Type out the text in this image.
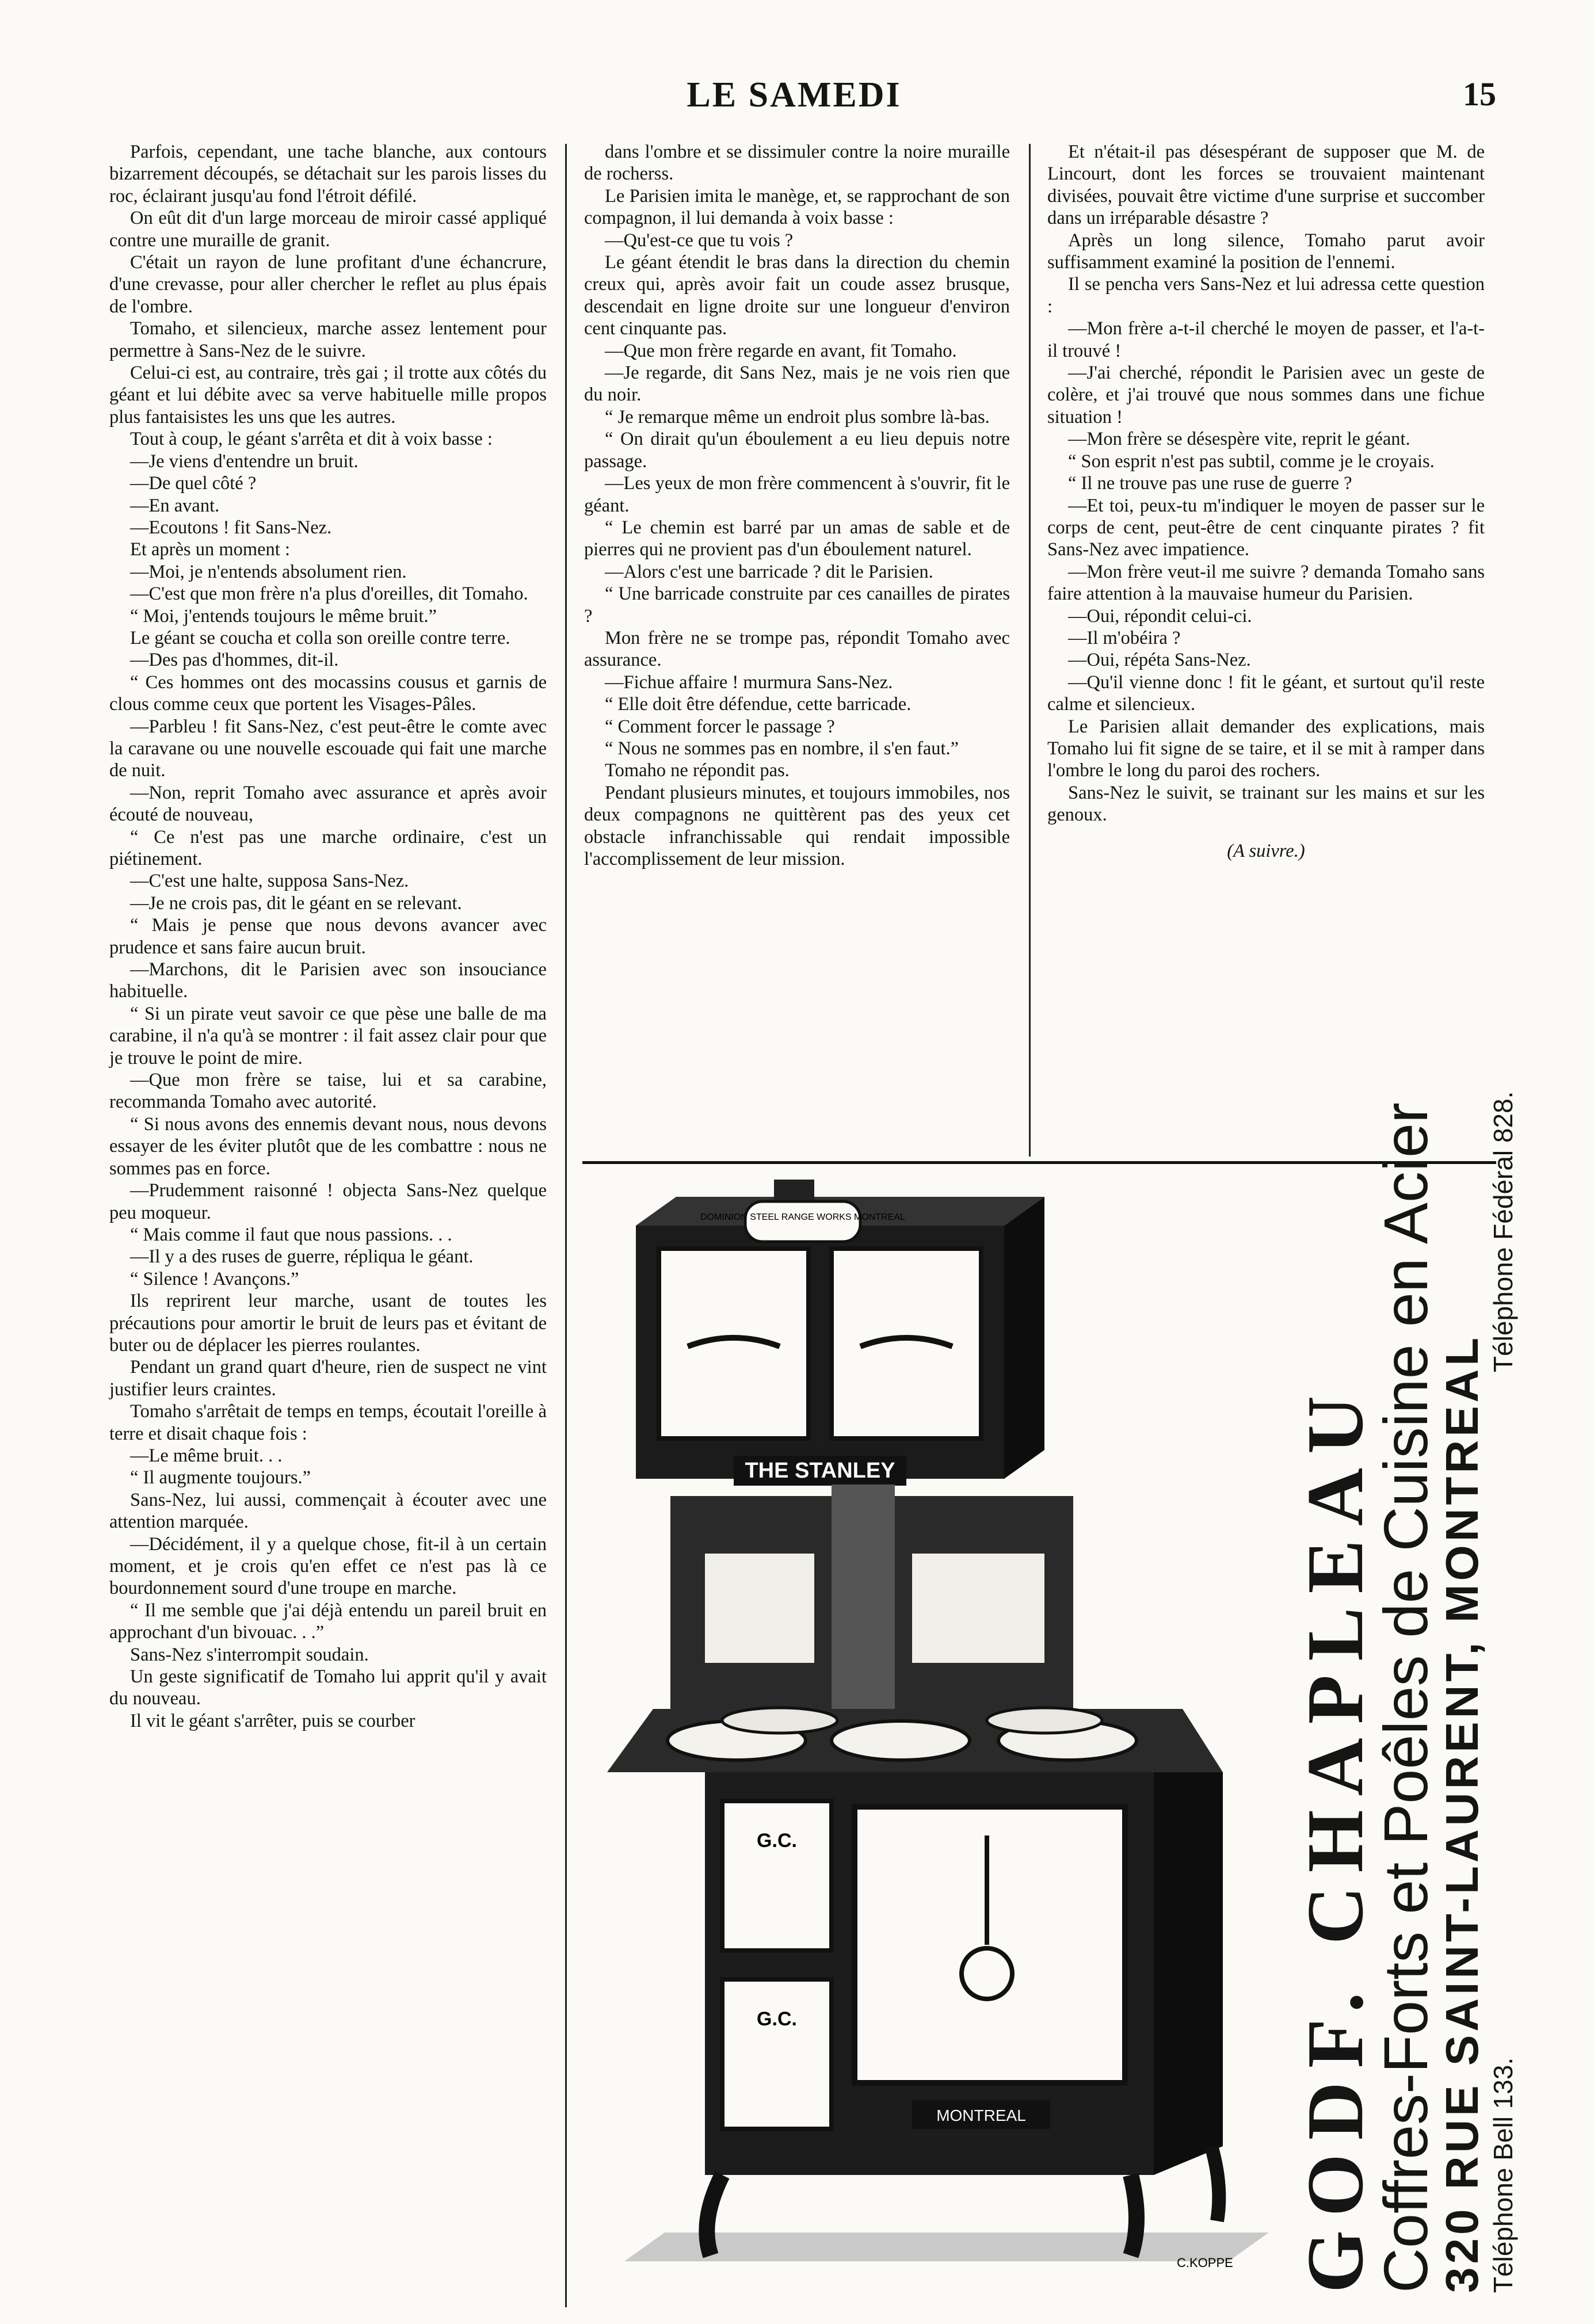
LE SAMEDI	15

Parfois, cependant, une tache blanche, aux contours bizarrement découpés, se détachait sur les parois lisses du roc, éclairant jusqu'au fond l'étroit défilé.

On eût dit d'un large morceau de miroir cassé appliqué contre une muraille de granit.

C'était un rayon de lune profitant d'une échancrure, d'une crevasse, pour aller chercher le reflet au plus épais de l'ombre.

Tomaho, et silencieux, marche assez lentement pour permettre à Sans-Nez de le suivre.

Celui-ci est, au contraire, très gai ; il trotte aux côtés du géant et lui débite avec sa verve habituelle mille propos plus fantaisistes les uns que les autres.

Tout à coup, le géant s'arrêta et dit à voix basse :

—Je viens d'entendre un bruit.

—De quel côté ?

—En avant.

—Ecoutons ! fit Sans-Nez.

Et après un moment :

—Moi, je n'entends absolument rien.

—C'est que mon frère n'a plus d'oreilles, dit Tomaho.

“ Moi, j'entends toujours le même bruit.”

Le géant se coucha et colla son oreille contre terre.

—Des pas d'hommes, dit-il.

“ Ces hommes ont des mocassins cousus et garnis de clous comme ceux que portent les Visages-Pâles.

—Parbleu ! fit Sans-Nez, c'est peut-être le comte avec la caravane ou une nouvelle escouade qui fait une marche de nuit.

—Non, reprit Tomaho avec assurance et après avoir écouté de nouveau,

“ Ce n'est pas une marche ordinaire, c'est un piétinement.

—C'est une halte, supposa Sans-Nez.

—Je ne crois pas, dit le géant en se relevant.

“ Mais je pense que nous devons avancer avec prudence et sans faire aucun bruit.

—Marchons, dit le Parisien avec son insouciance habituelle.

“ Si un pirate veut savoir ce que pèse une balle de ma carabine, il n'a qu'à se montrer : il fait assez clair pour que je trouve le point de mire.

—Que mon frère se taise, lui et sa carabine, recommanda Tomaho avec autorité.

“ Si nous avons des ennemis devant nous, nous devons essayer de les éviter plutôt que de les combattre : nous ne sommes pas en force.

—Prudemment raisonné ! objecta Sans-Nez quelque peu moqueur.

“ Mais comme il faut que nous passions. . .

—Il y a des ruses de guerre, répliqua le géant.

“ Silence ! Avançons.”

Ils reprirent leur marche, usant de toutes les précautions pour amortir le bruit de leurs pas et évitant de buter ou de déplacer les pierres roulantes.

Pendant un grand quart d'heure, rien de suspect ne vint justifier leurs craintes.

Tomaho s'arrêtait de temps en temps, écoutait l'oreille à terre et disait chaque fois :

—Le même bruit. . .

“ Il augmente toujours.”

Sans-Nez, lui aussi, commençait à écouter avec une attention marquée.

—Décidément, il y a quelque chose, fit-il à un certain moment, et je crois qu'en effet ce n'est pas là ce bourdonnement sourd d'une troupe en marche.

“ Il me semble que j'ai déjà entendu un pareil bruit en approchant d'un bivouac. . .”

Sans-Nez s'interrompit soudain.

Un geste significatif de Tomaho lui apprit qu'il y avait du nouveau.

Il vit le géant s'arrêter, puis se courber

dans l'ombre et se dissimuler contre la noire muraille de rocherss.

Le Parisien imita le manège, et, se rapprochant de son compagnon, il lui demanda à voix basse :

—Qu'est-ce que tu vois ?

Le géant étendit le bras dans la direction du chemin creux qui, après avoir fait un coude assez brusque, descendait en ligne droite sur une longueur d'environ cent cinquante pas.

—Que mon frère regarde en avant, fit Tomaho.

—Je regarde, dit Sans Nez, mais je ne vois rien que du noir.

“ Je remarque même un endroit plus sombre là-bas.

“ On dirait qu'un éboulement a eu lieu depuis notre passage.

—Les yeux de mon frère commencent à s'ouvrir, fit le géant.

“ Le chemin est barré par un amas de sable et de pierres qui ne provient pas d'un éboulement naturel.

—Alors c'est une barricade ? dit le Parisien.

“ Une barricade construite par ces canailles de pirates ?

Mon frère ne se trompe pas, répondit Tomaho avec assurance.

—Fichue affaire ! murmura Sans-Nez.

“ Elle doit être défendue, cette barricade.

“ Comment forcer le passage ?

“ Nous ne sommes pas en nombre, il s'en faut.”

Tomaho ne répondit pas.

Pendant plusieurs minutes, et toujours immobiles, nos deux compagnons ne quittèrent pas des yeux cet obstacle infranchissable qui rendait impossible l'accomplissement de leur mission.

Et n'était-il pas désespérant de supposer que M. de Lincourt, dont les forces se trouvaient maintenant divisées, pouvait être victime d'une surprise et succomber dans un irréparable désastre ?

Après un long silence, Tomaho parut avoir suffisamment examiné la position de l'ennemi.

Il se pencha vers Sans-Nez et lui adressa cette question :

—Mon frère a-t-il cherché le moyen de passer, et l'a-t-il trouvé !

—J'ai cherché, répondit le Parisien avec un geste de colère, et j'ai trouvé que nous sommes dans une fichue situation !

—Mon frère se désespère vite, reprit le géant.

“ Son esprit n'est pas subtil, comme je le croyais.

“ Il ne trouve pas une ruse de guerre ?

—Et toi, peux-tu m'indiquer le moyen de passer sur le corps de cent, peut-être de cent cinquante pirates ? fit Sans-Nez avec impatience.

—Mon frère veut-il me suivre ? demanda Tomaho sans faire attention à la mauvaise humeur du Parisien.

—Oui, répondit celui-ci.

—Il m'obéira ?

—Oui, répéta Sans-Nez.

—Qu'il vienne donc ! fit le géant, et surtout qu'il reste calme et silencieux.

Le Parisien allait demander des explications, mais Tomaho lui fit signe de se taire, et il se mit à ramper dans l'ombre le long du paroi des rochers.

Sans-Nez le suivit, se trainant sur les mains et sur les genoux.

(A suivre.)

DOMINION STEEL RANGE WORKS MONTREAL
THE STANLEY
G.C.
G.C.
MONTREAL
C.KOPPE GODF. CHAPLEAU
Coffres-Forts et Poêles de Cuisine en Acier
320 RUE SAINT-LAURENT, MONTREAL Téléphone Bell 133.Téléphone Fédéral 828.
